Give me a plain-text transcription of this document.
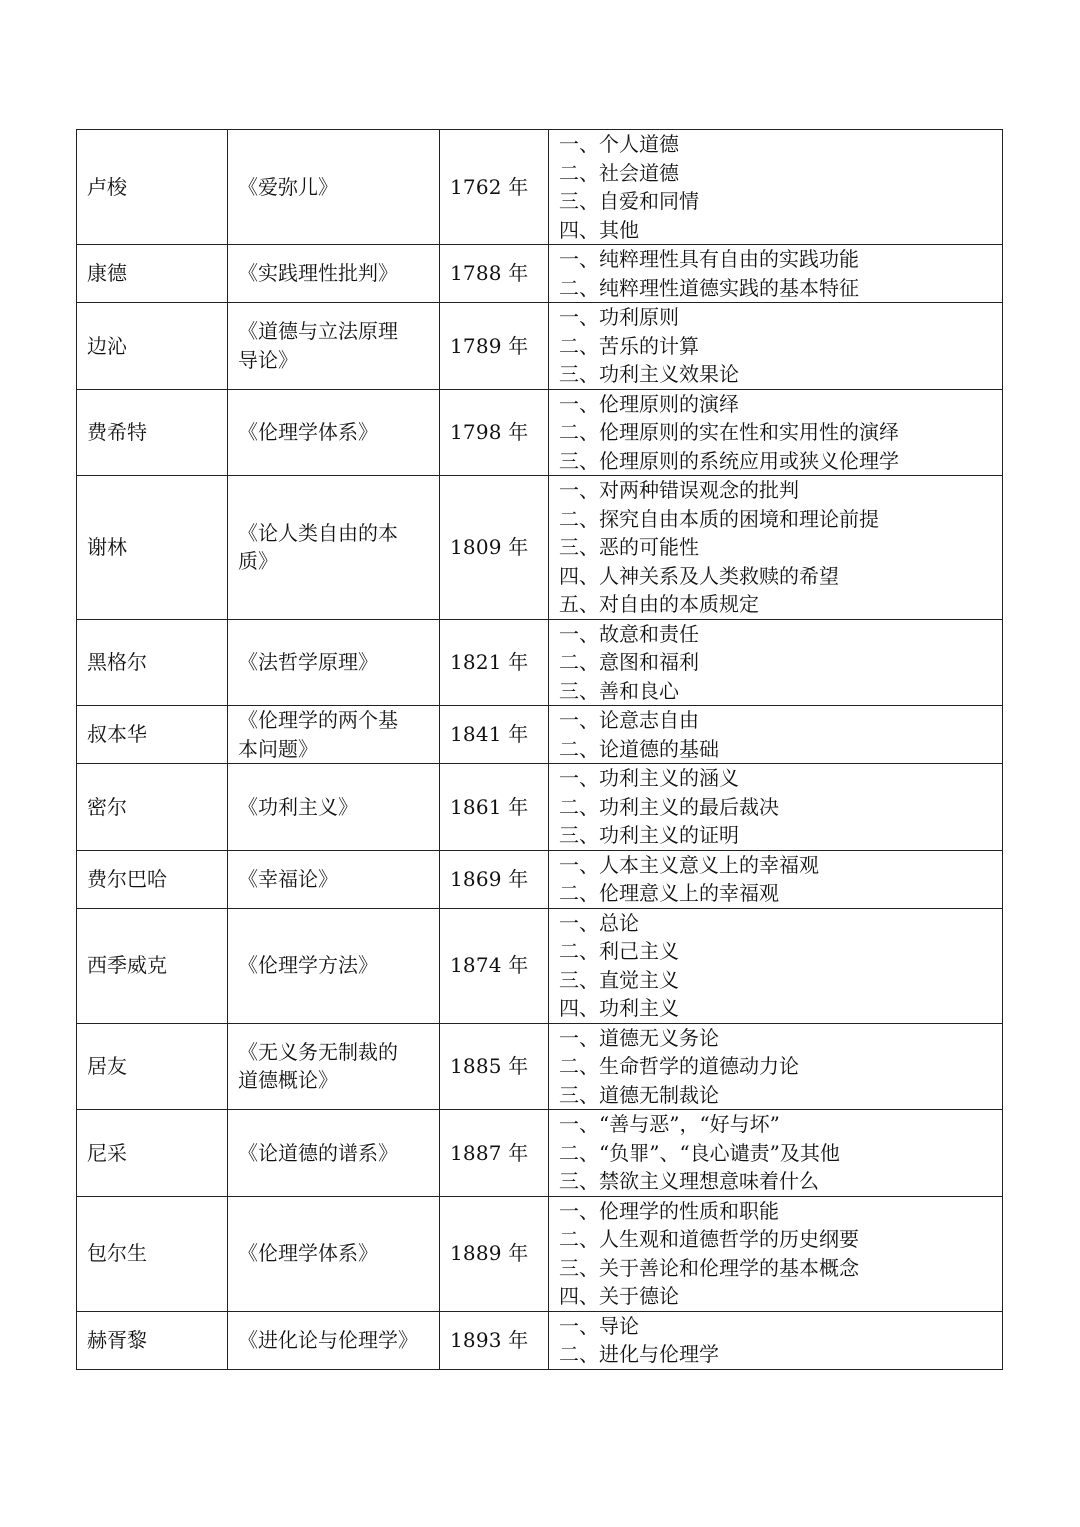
卢梭	《爱弥儿》	1762 年	一、个人道德
二、社会道德
三、自爱和同情
四、其他

康德	《实践理性批判》	1788 年	一、纯粹理性具有自由的实践功能
二、纯粹理性道德实践的基本特征

边沁	《道德与立法原理
导论》	1789 年	一、功利原则
二、苦乐的计算
三、功利主义效果论

费希特	《伦理学体系》	1798 年	一、伦理原则的演绎
二、伦理原则的实在性和实用性的演绎
三、伦理原则的系统应用或狭义伦理学

谢林	《论人类自由的本
质》	1809 年	一、对两种错误观念的批判
二、探究自由本质的困境和理论前提
三、恶的可能性
四、人神关系及人类救赎的希望
五、对自由的本质规定

黑格尔	《法哲学原理》	1821 年	一、故意和责任
二、意图和福利
三、善和良心

叔本华	《伦理学的两个基
本问题》	1841 年	一、论意志自由
二、论道德的基础

密尔	《功利主义》	1861 年	一、功利主义的涵义
二、功利主义的最后裁决
三、功利主义的证明

费尔巴哈	《幸福论》	1869 年	一、人本主义意义上的幸福观
二、伦理意义上的幸福观

西季威克	《伦理学方法》	1874 年	一、总论
二、利己主义
三、直觉主义
四、功利主义

居友	《无义务无制裁的
道德概论》	1885 年	一、道德无义务论
二、生命哲学的道德动力论
三、道德无制裁论

尼采	《论道德的谱系》	1887 年	一、“善与恶”，“好与坏”
二、“负罪”、“良心谴责”及其他
三、禁欲主义理想意味着什么

包尔生	《伦理学体系》	1889 年	一、伦理学的性质和职能
二、人生观和道德哲学的历史纲要
三、关于善论和伦理学的基本概念
四、关于德论

赫胥黎	《进化论与伦理学》	1893 年	一、导论
二、进化与伦理学
